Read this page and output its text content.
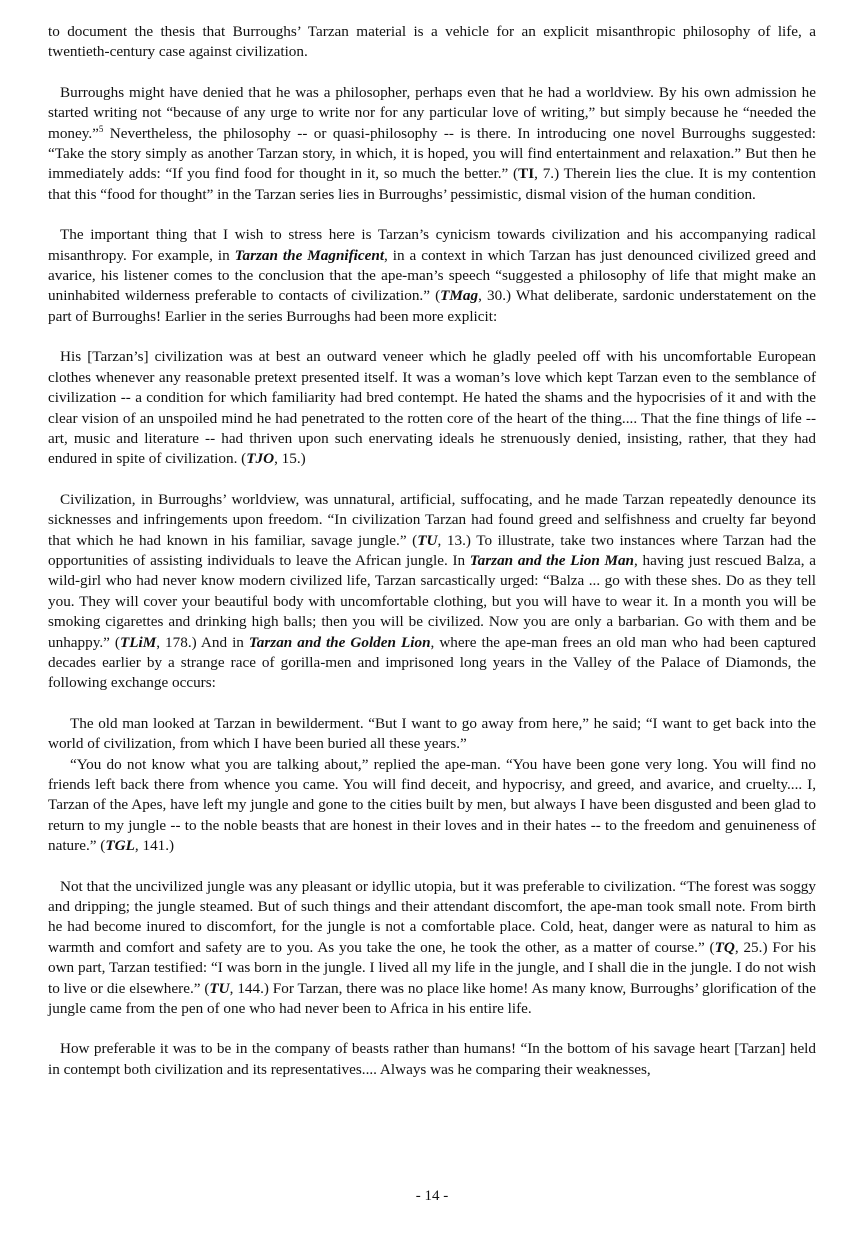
to document the thesis that Burroughs’ Tarzan material is a vehicle for an explicit misanthropic philosophy of life, a twentieth-century case against civilization.

Burroughs might have denied that he was a philosopher, perhaps even that he had a worldview. By his own admission he started writing not “because of any urge to write nor for any particular love of writing,” but simply because he “needed the money.”$^5$ Nevertheless, the philosophy -- or quasi-philosophy -- is there. In introducing one novel Burroughs suggested: “Take the story simply as another Tarzan story, in which, it is hoped, you will find entertainment and relaxation.” But then he immediately adds: “If you find food for thought in it, so much the better.” (TI, 7.) Therein lies the clue. It is my contention that this “food for thought” in the Tarzan series lies in Burroughs’ pessimistic, dismal vision of the human condition.

The important thing that I wish to stress here is Tarzan’s cynicism towards civilization and his accompanying radical misanthropy. For example, in Tarzan the Magnificent, in a context in which Tarzan has just denounced civilized greed and avarice, his listener comes to the conclusion that the ape-man’s speech “suggested a philosophy of life that might make an uninhabited wilderness preferable to contacts of civilization.” (TMag, 30.) What deliberate, sardonic understatement on the part of Burroughs! Earlier in the series Burroughs had been more explicit:

His [Tarzan’s] civilization was at best an outward veneer which he gladly peeled off with his uncomfortable European clothes whenever any reasonable pretext presented itself. It was a woman’s love which kept Tarzan even to the semblance of civilization -- a condition for which familiarity had bred contempt. He hated the shams and the hypocrisies of it and with the clear vision of an unspoiled mind he had penetrated to the rotten core of the heart of the thing.... That the fine things of life -- art, music and literature -- had thriven upon such enervating ideals he strenuously denied, insisting, rather, that they had endured in spite of civilization. (TJO, 15.)

Civilization, in Burroughs’ worldview, was unnatural, artificial, suffocating, and he made Tarzan repeatedly denounce its sicknesses and infringements upon freedom. “In civilization Tarzan had found greed and selfishness and cruelty far beyond that which he had known in his familiar, savage jungle.” (TU, 13.) To illustrate, take two instances where Tarzan had the opportunities of assisting individuals to leave the African jungle. In Tarzan and the Lion Man, having just rescued Balza, a wild-girl who had never know modern civilized life, Tarzan sarcastically urged: “Balza ... go with these shes. Do as they tell you. They will cover your beautiful body with uncomfortable clothing, but you will have to wear it. In a month you will be smoking cigarettes and drinking high balls; then you will be civilized. Now you are only a barbarian. Go with them and be unhappy.” (TLiM, 178.) And in Tarzan and the Golden Lion, where the ape-man frees an old man who had been captured decades earlier by a strange race of gorilla-men and imprisoned long years in the Valley of the Palace of Diamonds, the following exchange occurs:

The old man looked at Tarzan in bewilderment. “But I want to go away from here,” he said; “I want to get back into the world of civilization, from which I have been buried all these years.”

“You do not know what you are talking about,” replied the ape-man. “You have been gone very long. You will find no friends left back there from whence you came. You will find deceit, and hypocrisy, and greed, and avarice, and cruelty.... I, Tarzan of the Apes, have left my jungle and gone to the cities built by men, but always I have been disgusted and been glad to return to my jungle -- to the noble beasts that are honest in their loves and in their hates -- to the freedom and genuineness of nature.” (TGL, 141.)

Not that the uncivilized jungle was any pleasant or idyllic utopia, but it was preferable to civilization. “The forest was soggy and dripping; the jungle steamed. But of such things and their attendant discomfort, the ape-man took small note. From birth he had become inured to discomfort, for the jungle is not a comfortable place. Cold, heat, danger were as natural to him as warmth and comfort and safety are to you. As you take the one, he took the other, as a matter of course.” (TQ, 25.) For his own part, Tarzan testified: “I was born in the jungle. I lived all my life in the jungle, and I shall die in the jungle. I do not wish to live or die elsewhere.” (TU, 144.) For Tarzan, there was no place like home! As many know, Burroughs’ glorification of the jungle came from the pen of one who had never been to Africa in his entire life.

How preferable it was to be in the company of beasts rather than humans! “In the bottom of his savage heart [Tarzan] held in contempt both civilization and its representatives.... Always was he comparing their weaknesses,

- 14 -
